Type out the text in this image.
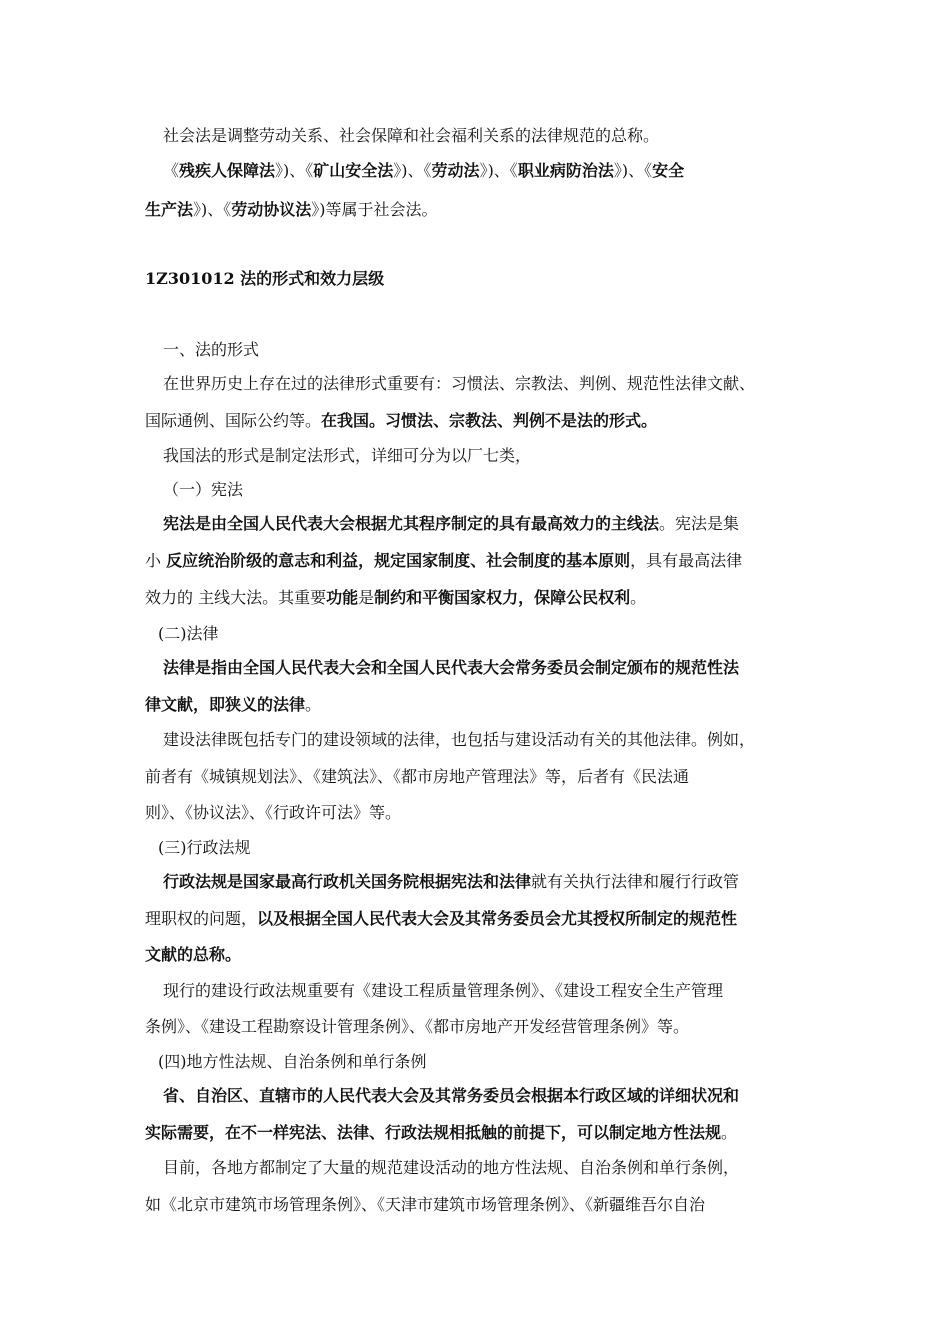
社会法是调整劳动关系、社会保障和社会福利关系的法律规范的总称。
《残疾人保障法》)、《矿山安全法》)、《劳动法》)、《职业病防治法》)、《安全
生产法》)、《劳动协议法》)等属于社会法。
1Z301012 法的形式和效力层级
一、法的形式
在世界历史上存在过的法律形式重要有：习惯法、宗教法、判例、规范性法律文献、
国际通例、国际公约等。在我国。习惯法、宗教法、判例不是法的形式。
我国法的形式是制定法形式，详细可分为以厂七类，
（一）宪法
宪法是由全国人民代表大会根据尤其程序制定的具有最高效力的主线法。宪法是集
小 反应统治阶级的意志和利益，规定国家制度、社会制度的基本原则，具有最高法律
效力的 主线大法。其重要功能是制约和平衡国家权力，保障公民权利。
(二)法律
法律是指由全国人民代表大会和全国人民代表大会常务委员会制定颁布的规范性法
律文献，即狭义的法律。
建设法律既包括专门的建设领域的法律，也包括与建设活动有关的其他法律。例如，
前者有《城镇规划法》、《建筑法》、《都市房地产管理法》等，后者有《民法通
则》、《协议法》、《行政许可法》等。
(三)行政法规
行政法规是国家最高行政机关国务院根据宪法和法律就有关执行法律和履行行政管
理职权的问题，以及根据全国人民代表大会及其常务委员会尤其授权所制定的规范性
文献的总称。
现行的建设行政法规重要有《建设工程质量管理条例》、《建设工程安全生产管理
条例》、《建设工程勘察设计管理条例》、《都市房地产开发经营管理条例》等。
(四)地方性法规、自治条例和单行条例
省、自治区、直辖市的人民代表大会及其常务委员会根据本行政区域的详细状况和
实际需要，在不一样宪法、法律、行政法规相抵触的前提下，可以制定地方性法规。
目前，各地方都制定了大量的规范建设活动的地方性法规、自治条例和单行条例，
如《北京市建筑市场管理条例》、《天津市建筑市场管理条例》、《新疆维吾尔自治
